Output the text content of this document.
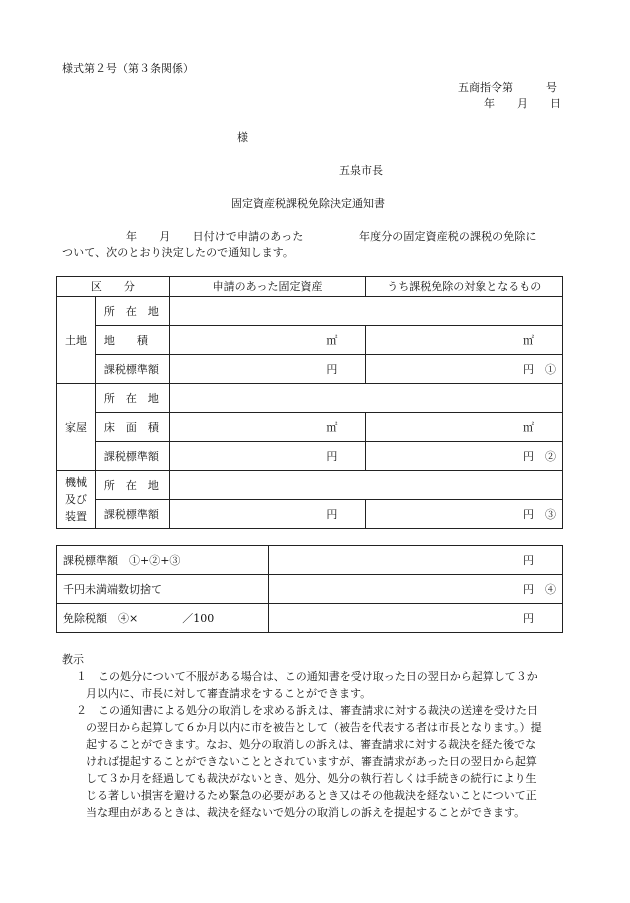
様式第２号（第３条関係）
五商指令第　　　号
年　　月　　日
様
五泉市長
固定資産税課税免除決定通知書
年　　月　　日付けで申請のあった　　　　　年度分の固定資産税の課税の免除に
ついて、次のとおり決定したので通知します。
区　　分		申請のあった固定資産	うち課税免除の対象となるもの
土地	所　在　地		
	地　　積	㎡	㎡
	課税標準額	円	円　①
家屋	所　在　地		
	床　面　積	㎡	㎡
	課税標準額	円	円　②

機械
及び
装置	所　在　地		
	課税標準額	円	円　③
課税標準額　①+②+③	円
千円未満端数切捨て	円　④
免除税額　④×　　　　／100	円
教示
１　この処分について不服がある場合は、この通知書を受け取った日の翌日から起算して３か
月以内に、市長に対して審査請求をすることができます。
２　この通知書による処分の取消しを求める訴えは、審査請求に対する裁決の送達を受けた日
の翌日から起算して６か月以内に市を被告として（被告を代表する者は市長となります。）提
起することができます。なお、処分の取消しの訴えは、審査請求に対する裁決を経た後でな
ければ提起することができないこととされていますが、審査請求があった日の翌日から起算
して３か月を経過しても裁決がないとき、処分、処分の執行若しくは手続きの続行により生
じる著しい損害を避けるため緊急の必要があるとき又はその他裁決を経ないことについて正
当な理由があるときは、裁決を経ないで処分の取消しの訴えを提起することができます。
